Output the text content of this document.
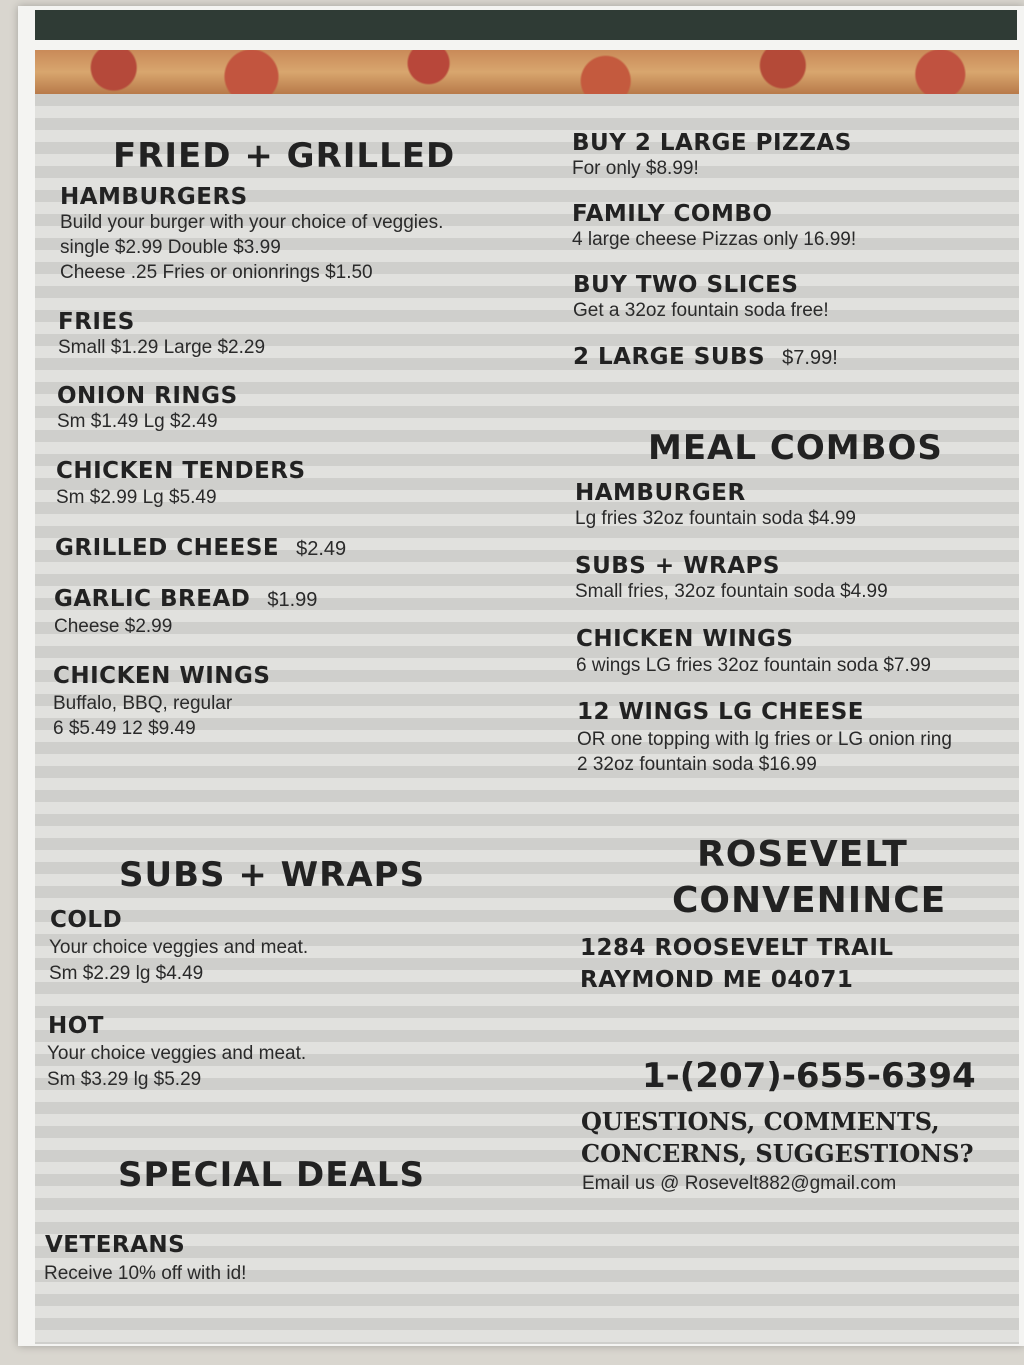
FRIED + GRILLED
HAMBURGERS
Build your burger with your choice of veggies.
single $2.99 Double $3.99
Cheese .25 Fries or onionrings $1.50
FRIES
Small $1.29 Large $2.29
ONION RINGS
Sm $1.49 Lg $2.49
CHICKEN TENDERS
Sm $2.99 Lg $5.49
GRILLED CHEESE $2.49
GARLIC BREAD $1.99
Cheese $2.99
CHICKEN WINGS
Buffalo, BBQ, regular
6 $5.49 12 $9.49
SUBS + WRAPS
COLD
Your choice veggies and meat.
Sm $2.29 lg $4.49
HOT
Your choice veggies and meat.
Sm $3.29 lg $5.29
SPECIAL DEALS
VETERANS
Receive 10% off with id!
BUY 2 LARGE PIZZAS
For only $8.99!
FAMILY COMBO
4 large cheese Pizzas only 16.99!
BUY TWO SLICES
Get a 32oz fountain soda free!
2 LARGE SUBS $7.99!
MEAL COMBOS
HAMBURGER
Lg fries 32oz fountain soda $4.99
SUBS + WRAPS
Small fries, 32oz fountain soda $4.99
CHICKEN WINGS
6 wings LG fries 32oz fountain soda $7.99
12 WINGS LG CHEESE
OR one topping with lg fries or LG onion ring
2 32oz fountain soda $16.99
ROSEVELT
CONVENINCE
1284 ROOSEVELT TRAIL
RAYMOND ME 04071
1-(207)-655-6394
QUESTIONS, COMMENTS,
CONCERNS, SUGGESTIONS?
Email us @ Rosevelt882@gmail.com
